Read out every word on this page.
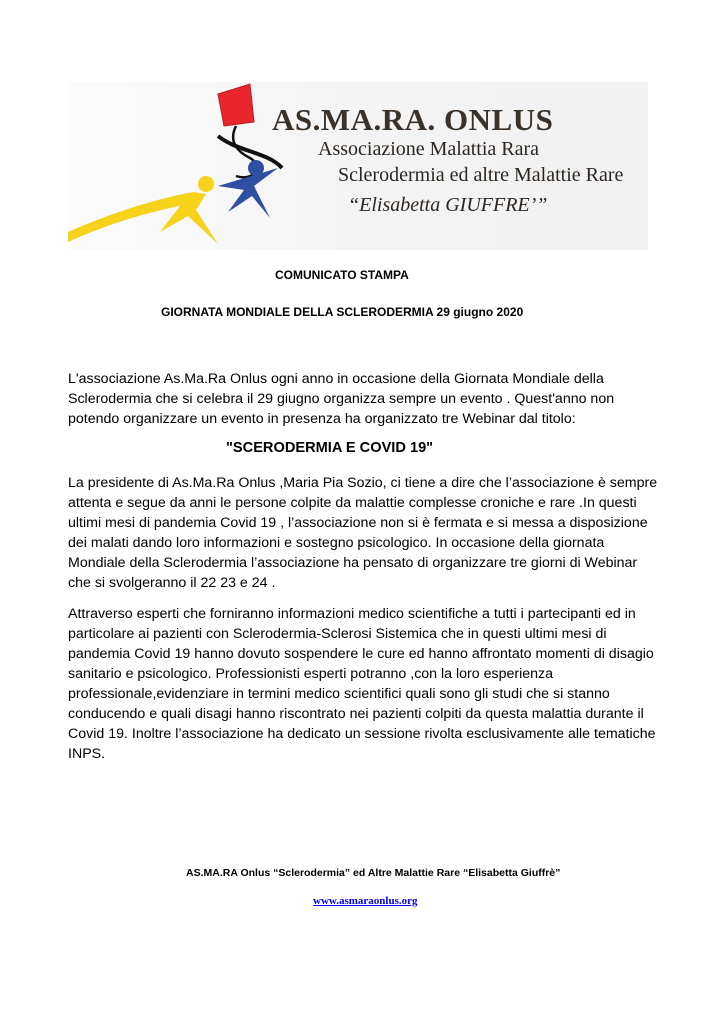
AS.MA.RA. ONLUS
Associazione Malattia Rara
Sclerodermia ed altre Malattie Rare
“Elisabetta GIUFFRE’”
COMUNICATO STAMPA
GIORNATA MONDIALE DELLA SCLERODERMIA 29 giugno 2020
L'associazione As.Ma.Ra Onlus ogni anno in occasione della Giornata Mondiale della Sclerodermia che si celebra il 29 giugno organizza sempre un evento . Quest'anno non potendo organizzare un evento in presenza ha organizzato tre Webinar dal titolo:
"SCERODERMIA E COVID 19"
La presidente di As.Ma.Ra Onlus ,Maria Pia Sozio, ci tiene a dire che l’associazione è sempre attenta e segue da anni le persone colpite da malattie complesse croniche e rare .In questi ultimi mesi di pandemia Covid 19 , l’associazione non si è fermata e si messa a disposizione dei malati dando loro informazioni e sostegno psicologico. In occasione della giornata Mondiale della Sclerodermia l’associazione ha pensato di organizzare tre giorni di Webinar che si svolgeranno il 22 23 e 24 .
Attraverso esperti che forniranno informazioni medico scientifiche a tutti i partecipanti ed in particolare ai pazienti con Sclerodermia-Sclerosi Sistemica che in questi ultimi mesi di pandemia Covid 19 hanno dovuto sospendere le cure ed hanno affrontato momenti di disagio sanitario e psicologico. Professionisti esperti potranno ,con la loro esperienza professionale,evidenziare in termini medico scientifici quali sono gli studi che si stanno conducendo e quali disagi hanno riscontrato nei pazienti colpiti da questa malattia durante il Covid 19. Inoltre l’associazione ha dedicato un sessione rivolta esclusivamente alle tematiche INPS.
AS.MA.RA Onlus “Sclerodermia” ed Altre Malattie Rare “Elisabetta Giuffrè”
www.asmaraonlus.org
